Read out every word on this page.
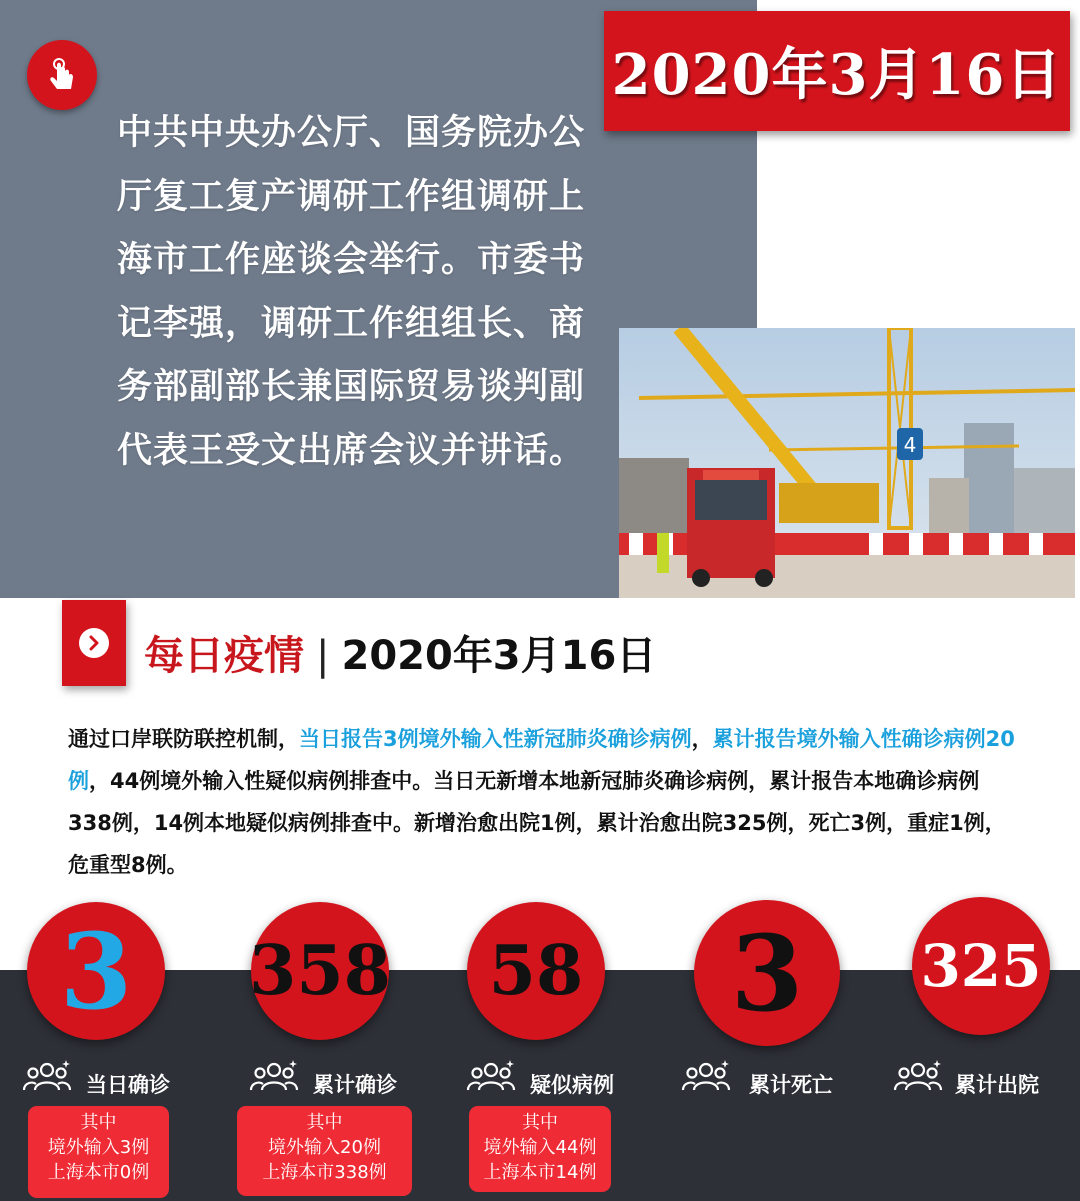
中共中央办公厅、国务院办公厅复工复产调研工作组调研上海市工作座谈会举行。市委书记李强，调研工作组组长、商务部副部长兼国际贸易谈判副代表王受文出席会议并讲话。
2020年3月16日
4
每日疫情 | 2020年3月16日
通过口岸联防联控机制，当日报告3例境外输入性新冠肺炎确诊病例，累计报告境外输入性确诊病例20例，44例境外输入性疑似病例排查中。当日无新增本地新冠肺炎确诊病例，累计报告本地确诊病例338例，14例本地疑似病例排查中。新增治愈出院1例，累计治愈出院325例，死亡3例，重症1例，危重型8例。
3
当日确诊
其中
境外输入3例
上海本市0例
358
累计确诊
其中
境外输入20例
上海本市338例
58
疑似病例
其中
境外输入44例
上海本市14例
3
累计死亡
325
累计出院
